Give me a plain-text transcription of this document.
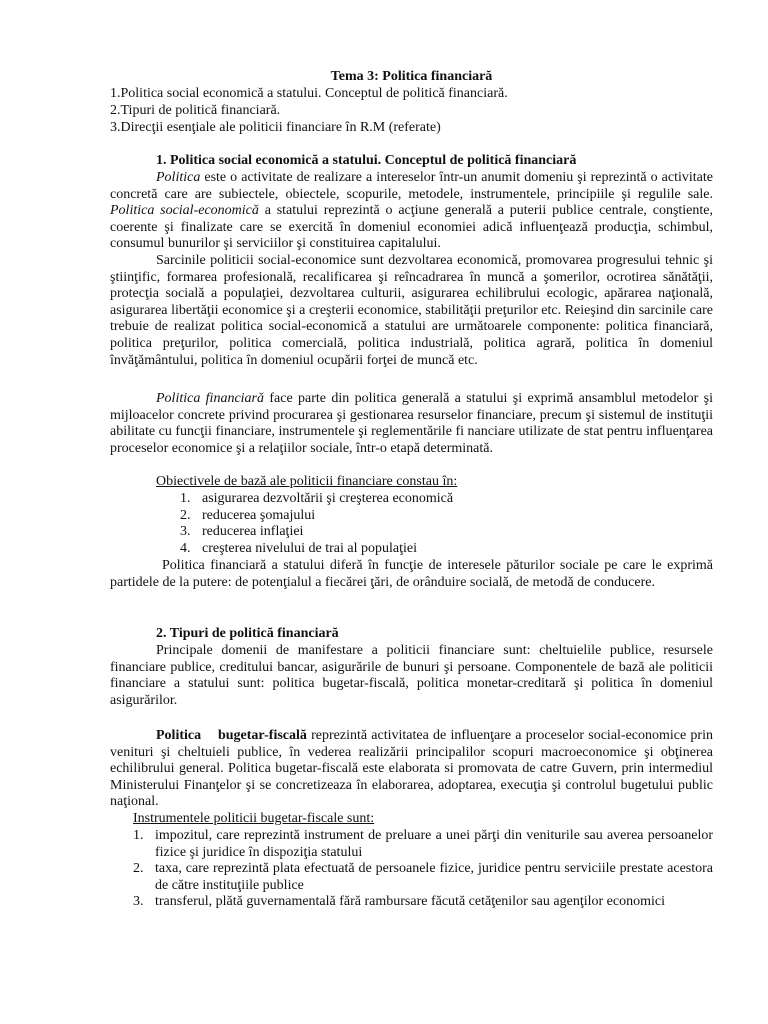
Tema 3: Politica financiară

1.Politica social economică a statului. Conceptul de politică financiară.

2.Tipuri de politică financiară.

3.Direcţii esenţiale ale politicii financiare în R.M (referate)

1. Politica social economică a statului. Conceptul de politică financiară

Politica este o activitate de realizare a intereselor într-un anumit domeniu şi reprezintă o activitate concretă care are subiectele, obiectele, scopurile, metodele, instrumentele, principiile şi regulile sale. Politica social-economică a statului reprezintă o acţiune generală a puterii publice centrale, conştiente, coerente şi finalizate care se exercită în domeniul economiei adică influenţează producţia, schimbul, consumul bunurilor şi serviciilor şi constituirea capitalului.

Sarcinile politicii social-economice sunt dezvoltarea economică, promovarea progresului tehnic şi ştiinţific, formarea profesională, recalificarea şi reîncadrarea în muncă a şomerilor, ocrotirea sănătăţii, protecţia socială a populaţiei, dezvoltarea culturii, asigurarea echilibrului ecologic, apărarea naţională, asigurarea libertăţii economice şi a creşterii economice, stabilităţii preţurilor etc. Reieşind din sarcinile care trebuie de realizat politica social-economică a statului are următoarele componente: politica financiară, politica preţurilor, politica comercială, politica industrială, politica agrară, politica în domeniul învăţământului, politica în domeniul ocupării forţei de muncă etc.

Politica financiară face parte din politica generală a statului şi exprimă ansamblul metodelor şi mijloacelor concrete privind procurarea şi gestionarea resurselor financiare, precum şi sistemul de instituţii abilitate cu funcţii financiare, instrumentele şi reglementările fi nanciare utilizate de stat pentru influenţarea proceselor economice şi a relaţiilor sociale, într-o etapă determinată.

Obiectivele de bază ale politicii financiare constau în:

1. asigurarea dezvoltării şi creşterea economică
2. reducerea şomajului
3. reducerea inflaţiei
4. creşterea nivelului de trai al populaţiei

Politica financiară a statului diferă în funcţie de interesele păturilor sociale pe care le exprimă partidele de la putere: de potenţialul a fiecărei ţări, de orânduire socială, de metodă de conducere.

2. Tipuri de politică financiară

Principale domenii de manifestare a politicii financiare sunt: cheltuielile publice, resursele financiare publice, creditului bancar, asigurările de bunuri şi persoane. Componentele de bază ale politicii financiare a statului sunt: politica bugetar-fiscală, politica monetar-creditară şi politica în domeniul asigurărilor.

Politica    bugetar-fiscală reprezintă activitatea de influenţare a proceselor social-economice prin venituri şi cheltuieli publice, în vederea realizării principalilor scopuri macroeconomice şi obţinerea echilibrului general. Politica bugetar-fiscală este elaborata si promovata de catre Guvern, prin intermediul Ministerului Finanţelor şi se concretizeaza în elaborarea, adoptarea, execuţia şi controlul bugetului public naţional.

Instrumentele politicii bugetar-fiscale sunt:

1. impozitul, care reprezintă instrument de preluare a unei părţi din veniturile sau averea persoanelor fizice şi juridice în dispoziţia statului
2. taxa, care reprezintă plata efectuată de persoanele fizice, juridice pentru serviciile prestate acestora de către instituţiile publice
3. transferul, plătă guvernamentală fără rambursare făcută cetăţenilor sau agenţilor economici
